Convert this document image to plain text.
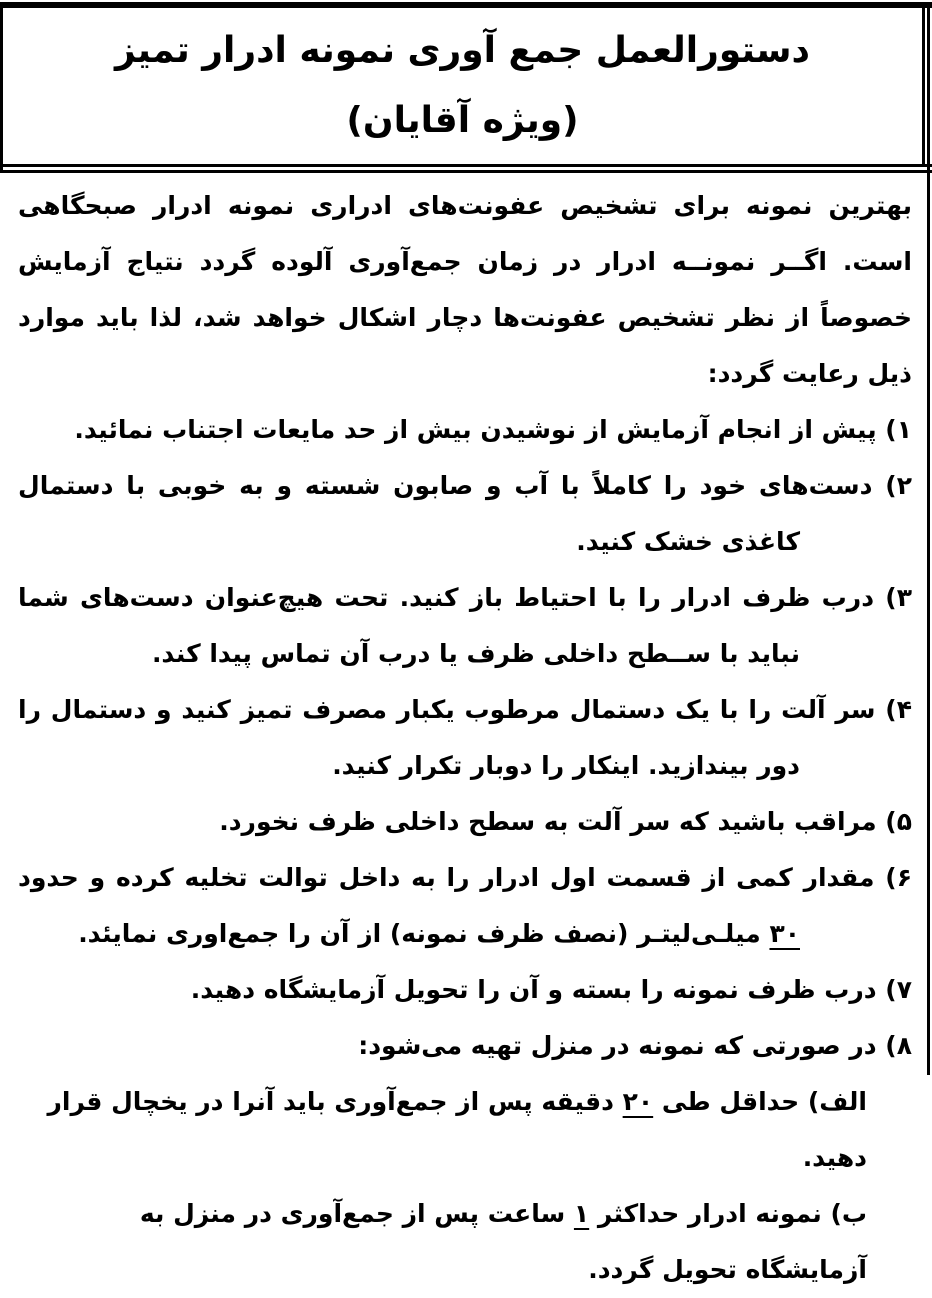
دستورالعمل جمع آوری نمونه ادرار تمیز
(ویژه آقایان)

بهترین نمونه برای تشخیص عفونت‌های ادراری نمونه ادرار صبحگاهی است. اگــر نمونــه ادرار در زمان جمع‌آوری آلوده گردد نتیاج آزمایش خصوصاً از نظر تشخیص عفونت‌ها دچار اشکال خواهد شد، لذا باید موارد ذیل رعایت گردد:

۱) پیش از انجام آزمایش از نوشیدن بیش از حد مایعات اجتناب نمائید.
۲) دست‌های خود را کاملاً با آب و صابون شسته و به خوبی با دستمال کاغذی خشک کنید.
۳) درب ظرف ادرار را با احتیاط باز کنید. تحت هیچ‌عنوان دست‌های شما نباید با ســطح داخلی ظرف یا درب آن تماس پیدا کند.
۴) سر آلت را با یک دستمال مرطوب یکبار مصرف تمیز کنید و دستمال را دور بیندازید. اینکار را دوبار تکرار کنید.
۵) مراقب باشید که سر آلت به سطح داخلی ظرف نخورد.
۶) مقدار کمی از قسمت اول ادرار را به داخل توالت تخلیه کرده و حدود ۳۰ میلـی‌لیتـر (نصف ظرف نمونه) از آن را جمع‌اوری نمایئد.
۷) درب ظرف نمونه را بسته و آن را تحویل آزمایشگاه دهید.
۸) در صورتی که نمونه در منزل تهیه می‌شود:
الف) حداقل طی ۲۰ دقیقه پس از جمع‌آوری باید آنرا در یخچال قرار دهید.
ب) نمونه ادرار حداکثر ۱ ساعت پس از جمع‌آوری در منزل به آزمایشگاه تحویل گردد.
